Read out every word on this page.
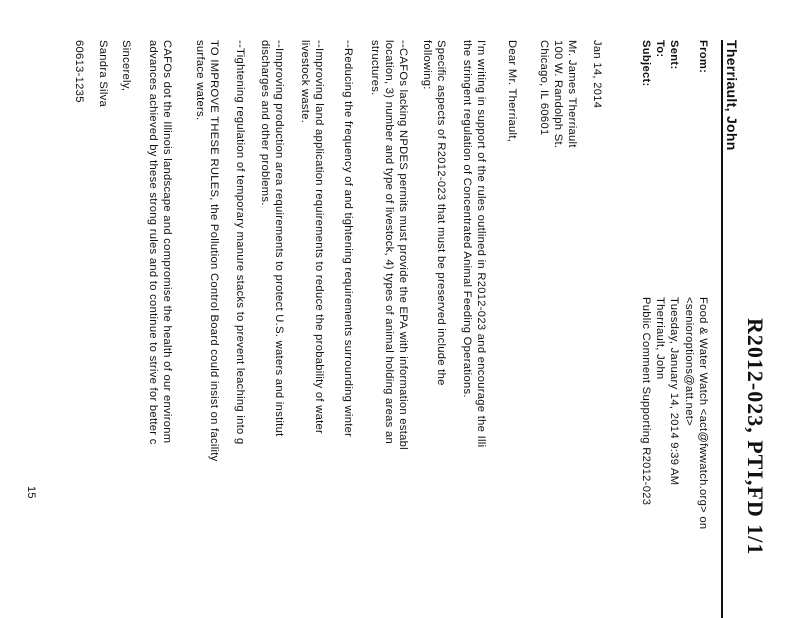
R2012-023, PTI,FD 1/1
Therriault, John
From:
Sent:
To:
Subject:
Food & Water Watch <act@fwwatch.org> on
<senioroptions@att.net>
Tuesday, January 14, 2014 9:39 AM
Therriault, John
Public Comment Supporting R2012-023
Jan 14, 2014
Mr. James Therriault
100 W. Randolph St.
Chicago, IL 60601
Dear Mr. Therriault,
I'm writing in support of the rules outlined in R2012-023 and encourage the Illi
the stringent regulation of Concentrated Animal Feeding Operations.
Specific aspects of R2012-023 that must be preserved include the
following:
--CAFOs lacking NPDES permits must provide the EPA with information establ
location, 3) number and type of livestock, 4) types of animal holding areas an
structures.
--Reducing the frequency of and tightening requirements surrounding winter
--Improving land application requirements to reduce the probability of water
livestock waste.
--Improving production area requirements to protect U.S. waters and institut
discharges and other problems.
--Tightening regulation of temporary manure stacks to prevent leaching into g
TO IMPROVE THESE RULES, the Pollution Control Board could insist on facility
surface waters.
CAFOs dot the Illinois landscape and compromise the health of our environm
advances achieved by these strong rules and to continue to strive for better c
Sincerely,
Sandra Silva
60613-1235
15
